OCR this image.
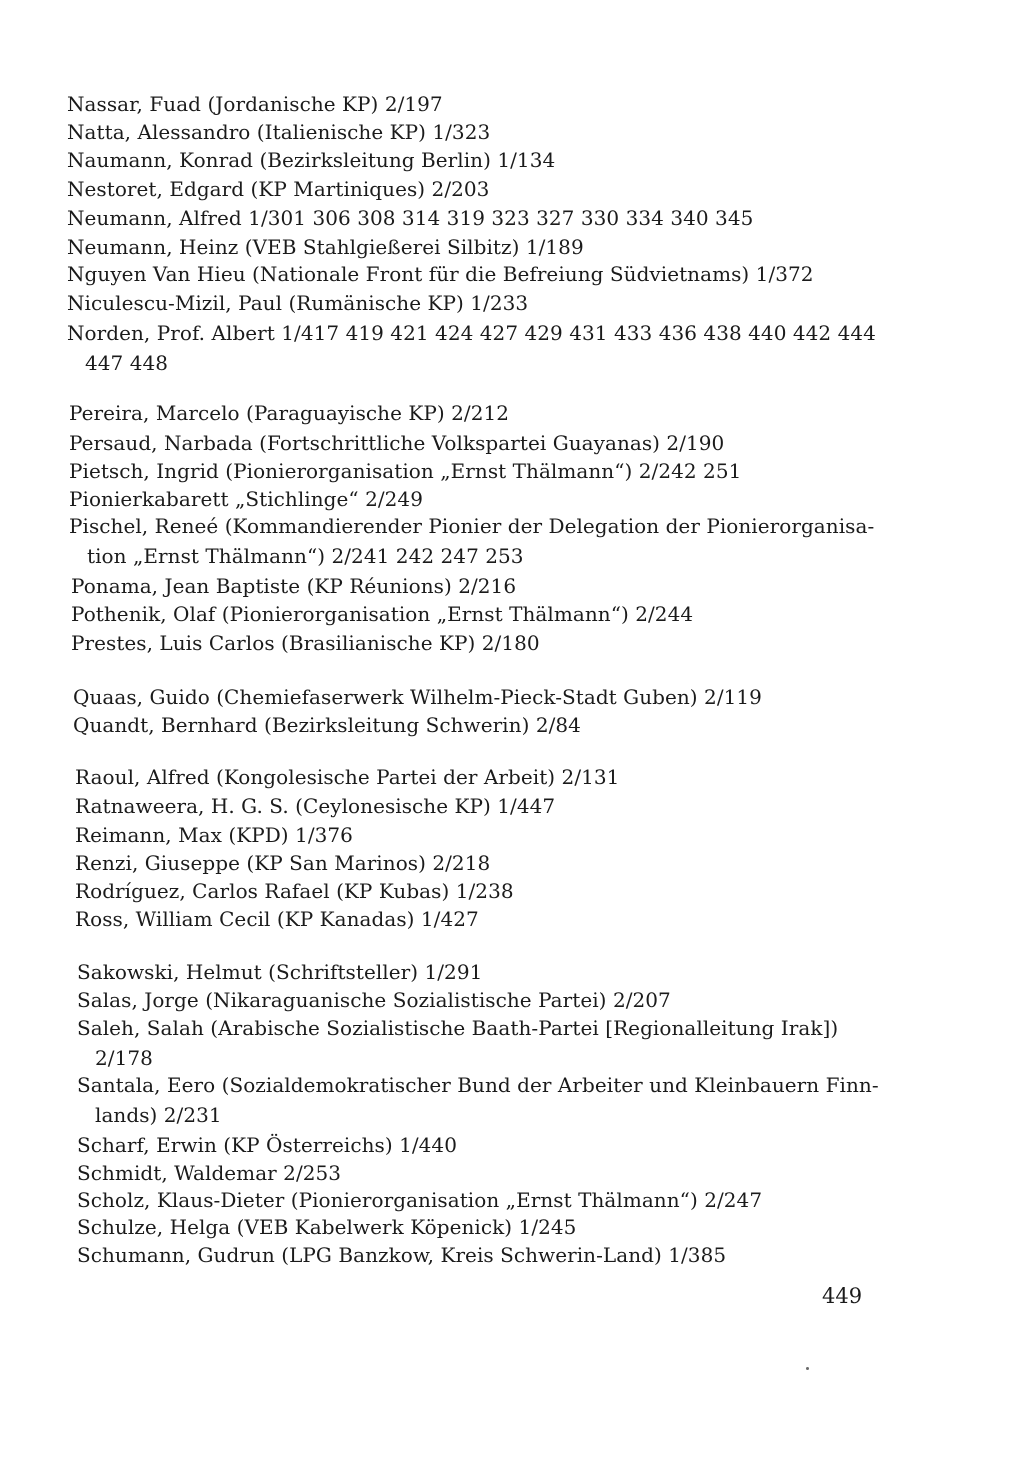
Nassar, Fuad (Jordanische KP) 2/197

Natta, Alessandro (Italienische KP) 1/323

Naumann, Konrad (Bezirksleitung Berlin) 1/134

Nestoret, Edgard (KP Martiniques) 2/203

Neumann, Alfred 1/301 306 308 314 319 323 327 330 334 340 345

Neumann, Heinz (VEB Stahlgießerei Silbitz) 1/189

Nguyen Van Hieu (Nationale Front für die Befreiung Südvietnams) 1/372

Niculescu-Mizil, Paul (Rumänische KP) 1/233

Norden, Prof. Albert 1/417 419 421 424 427 429 431 433 436 438 440 442 444
447 448

Pereira, Marcelo (Paraguayische KP) 2/212

Persaud, Narbada (Fortschrittliche Volkspartei Guayanas) 2/190

Pietsch, Ingrid (Pionierorganisation „Ernst Thälmann“) 2/242 251

Pionierkabarett „Stichlinge“ 2/249

Pischel, Reneé (Kommandierender Pionier der Delegation der Pionierorganisa-
tion „Ernst Thälmann“) 2/241 242 247 253

Ponama, Jean Baptiste (KP Réunions) 2/216

Pothenik, Olaf (Pionierorganisation „Ernst Thälmann“) 2/244

Prestes, Luis Carlos (Brasilianische KP) 2/180

Quaas, Guido (Chemiefaserwerk Wilhelm-Pieck-Stadt Guben) 2/119

Quandt, Bernhard (Bezirksleitung Schwerin) 2/84

Raoul, Alfred (Kongolesische Partei der Arbeit) 2/131

Ratnaweera, H. G. S. (Ceylonesische KP) 1/447

Reimann, Max (KPD) 1/376

Renzi, Giuseppe (KP San Marinos) 2/218

Rodríguez, Carlos Rafael (KP Kubas) 1/238

Ross, William Cecil (KP Kanadas) 1/427

Sakowski, Helmut (Schriftsteller) 1/291

Salas, Jorge (Nikaraguanische Sozialistische Partei) 2/207

Saleh, Salah (Arabische Sozialistische Baath-Partei [Regionalleitung Irak])
2/178

Santala, Eero (Sozialdemokratischer Bund der Arbeiter und Kleinbauern Finn-
lands) 2/231

Scharf, Erwin (KP Österreichs) 1/440

Schmidt, Waldemar 2/253

Scholz, Klaus-Dieter (Pionierorganisation „Ernst Thälmann“) 2/247

Schulze, Helga (VEB Kabelwerk Köpenick) 1/245

Schumann, Gudrun (LPG Banzkow, Kreis Schwerin-Land) 1/385

449
